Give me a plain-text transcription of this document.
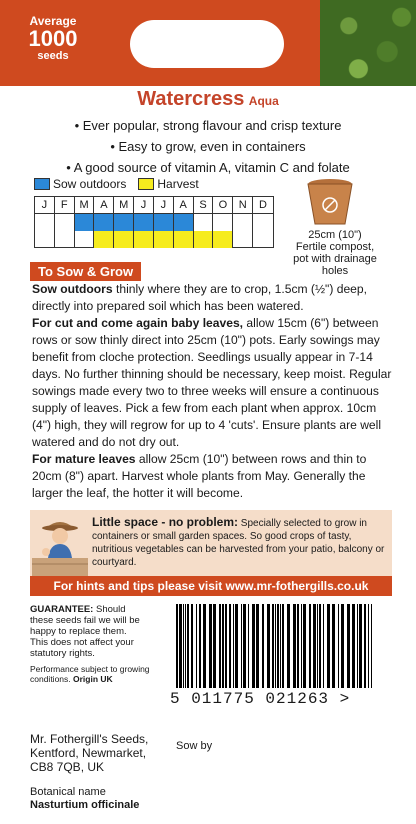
Average
1000
seeds
Watercress Aqua
• Ever popular, strong flavour and crisp texture
• Easy to grow, even in containers
• A good source of vitamin A, vitamin C and folate
Sow outdoors	Harvest
J	F	M	A	M	J	J	A	S	O	N	D
25cm (10")
Fertile compost,
pot with drainage
holes
To Sow & Grow
Sow outdoors thinly where they are to crop, 1.5cm (½") deep, directly into prepared soil which has been watered.
For cut and come again baby leaves, allow 15cm (6") between rows or sow thinly direct into 25cm (10") pots. Early sowings may benefit from cloche protection. Seedlings usually appear in 7-14 days. No further thinning should be necessary, keep moist. Regular sowings made every two to three weeks will ensure a continuous supply of leaves. Pick a few from each plant when approx. 10cm (4") high, they will regrow for up to 4 'cuts'. Ensure plants are well watered and do not dry out.
For mature leaves allow 25cm (10") between rows and thin to 20cm (8") apart. Harvest whole plants from May. Generally the larger the leaf, the hotter it will become.
Little space - no problem: Specially selected to grow in containers or small garden spaces. So good crops of tasty, nutritious vegetables can be harvested from your patio, balcony or courtyard.
For hints and tips please visit www.mr-fothergills.co.uk
GUARANTEE: Should these seeds fail we will be happy to replace them. This does not affect your statutory rights.
Performance subject to growing conditions. Origin UK
5 011775 021263 >
Mr. Fothergill's Seeds,
Kentford, Newmarket,
CB8 7QB, UK
Sow by
Botanical name
Nasturtium officinale
